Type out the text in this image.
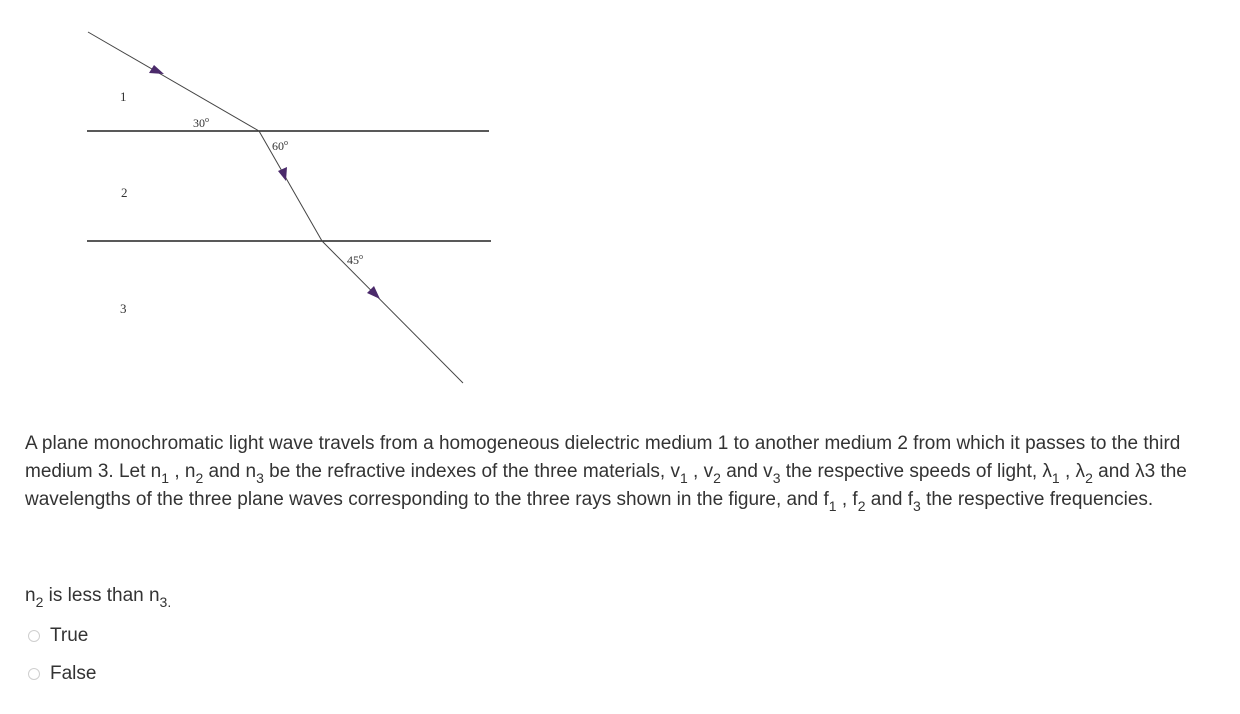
1
2
3
30$^o$
60$^o$
45$^o$

A plane monochromatic light wave travels from a homogeneous dielectric medium 1 to another medium 2 from which it passes to the third medium 3. Let $n_1$ , $n_2$ and $n_3$ be the refractive indexes of the three materials, $v_1$ , $v_2$ and $v_3$ the respective speeds of light, $\lambda_1$ , $\lambda_2$ and λ3 the wavelengths of the three plane waves corresponding to the three rays shown in the figure, and $f_1$ , $f_2$ and $f_3$ the respective frequencies.

$n_2$ is less than $n_{3.}$

True
False
